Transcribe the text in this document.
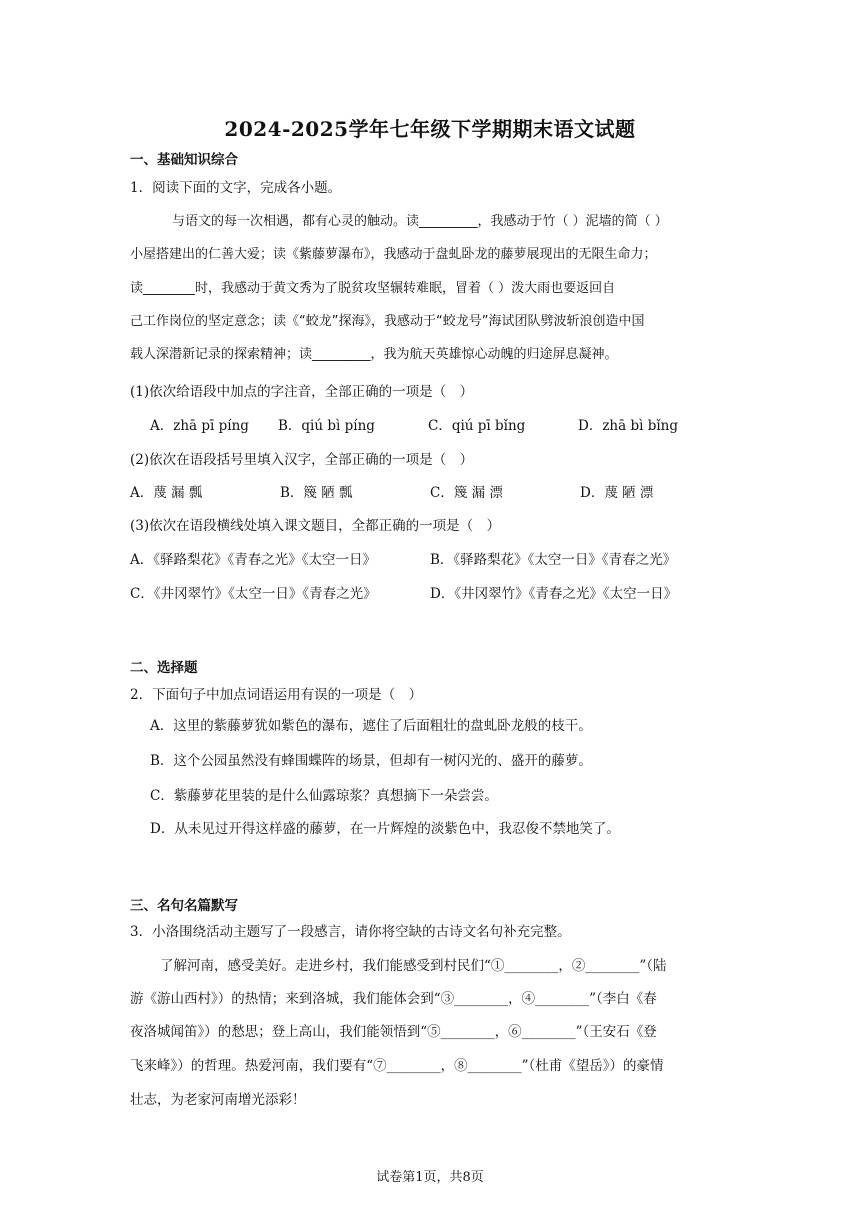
2024-2025学年七年级下学期期末语文试题
一、基础知识综合
1．阅读下面的文字，完成各小题。
与语文的每一次相遇，都有心灵的触动。读_________，我感动于竹（ ）泥墙的简（ ）
小屋搭建出的仁善大爱；读《紫藤萝瀑布》，我感动于盘虬卧龙的藤萝展现出的无限生命力；
读________时，我感动于黄文秀为了脱贫攻坚辗转难眠，冒着（ ）泼大雨也要返回自
己工作岗位的坚定意念；读《“蛟龙”探海》，我感动于“蛟龙号”海试团队劈波斩浪创造中国
载人深潜新记录的探索精神；读_________，我为航天英雄惊心动魄的归途屏息凝神。
(1)依次给语段中加点的字注音，全部正确的一项是（　）
A．zhā pī píng B．qiú bì píng	C．qiú pī bǐng	D．zhā bì bǐng
(2)依次在语段括号里填入汉字，全部正确的一项是（　）
A．蔑 漏 瓢	B．篾 陋 瓢	C．篾 漏 漂	D．蔑 陋 漂
(3)依次在语段横线处填入课文题目，全都正确的一项是（　）
A．《驿路梨花》《青春之光》《太空一日》	B．《驿路梨花》《太空一日》《青春之光》
C．《井冈翠竹》《太空一日》《青春之光》	D．《井冈翠竹》《青春之光》《太空一日》
二、选择题
2．下面句子中加点词语运用有误的一项是（　）
A．这里的紫藤萝犹如紫色的瀑布，遮住了后面粗壮的盘虬卧龙般的枝干。
B．这个公园虽然没有蜂围蝶阵的场景，但却有一树闪光的、盛开的藤萝。
C．紫藤萝花里装的是什么仙露琼浆？真想摘下一朵尝尝。
D．从未见过开得这样盛的藤萝，在一片辉煌的淡紫色中，我忍俊不禁地笑了。
三、名句名篇默写
3．小洛围绕活动主题写了一段感言，请你将空缺的古诗文名句补充完整。
了解河南，感受美好。走进乡村，我们能感受到村民们“①________，②________”（陆
游《游山西村》）的热情；来到洛城，我们能体会到“③________，④________”（李白《春
夜洛城闻笛》）的愁思；登上高山，我们能领悟到“⑤________，⑥________”（王安石《登
飞来峰》）的哲理。热爱河南，我们要有“⑦________，⑧________”（杜甫《望岳》）的豪情
壮志，为老家河南增光添彩！
试卷第1页，共8页
